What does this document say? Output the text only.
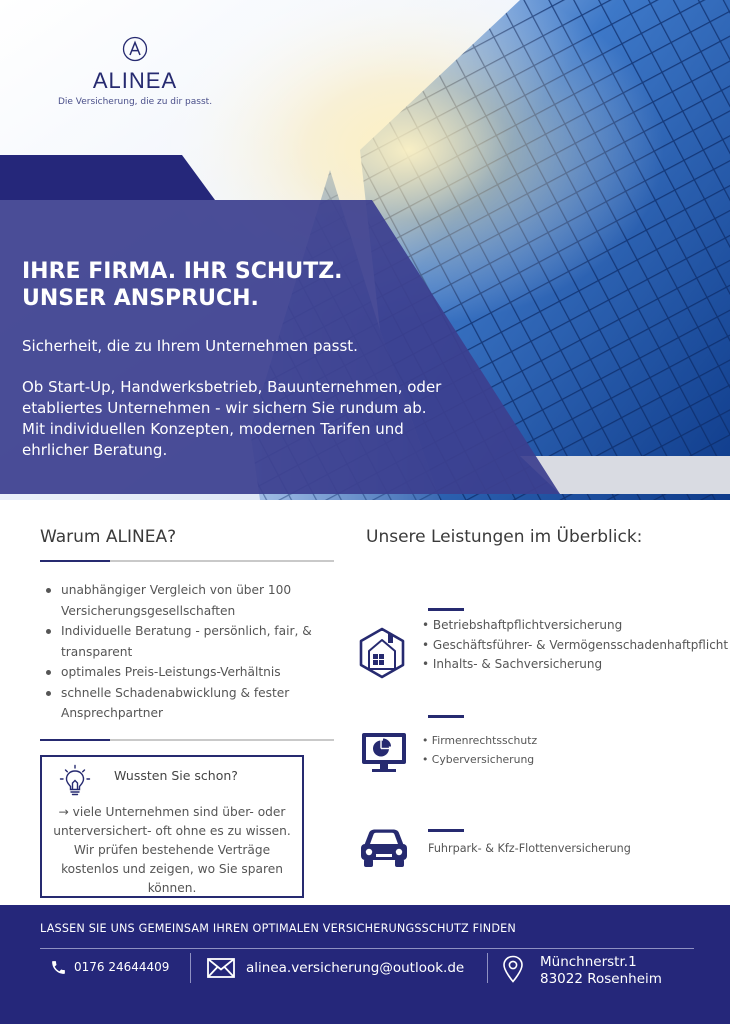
ALINEA
Die Versicherung, die zu dir passt.
IHRE FIRMA. IHR SCHUTZ.
UNSER ANSPRUCH.
Sicherheit, die zu Ihrem Unternehmen passt.
Ob Start-Up, Handwerksbetrieb, Bauunternehmen, oder
etabliertes Unternehmen - wir sichern Sie rundum ab.
Mit individuellen Konzepten, modernen Tarifen und
ehrlicher Beratung.
Warum ALINEA?
unabhängiger Vergleich von über 100 Versicherungsgesellschaften
Individuelle Beratung - persönlich, fair, & transparent
optimales Preis-Leistungs-Verhältnis
schnelle Schadenabwicklung & fester Ansprechpartner
Wussten Sie schon?
→ viele Unternehmen sind über- oder unterversichert- oft ohne es zu wissen. Wir prüfen bestehende Verträge kostenlos und zeigen, wo Sie sparen können.
Unsere Leistungen im Überblick:
• Betriebshaftpflichtversicherung
• Geschäftsführer- & Vermögensschadenhaftpflicht
• Inhalts- & Sachversicherung
• Firmenrechtsschutz
• Cyberversicherung
Fuhrpark- & Kfz-Flottenversicherung
LASSEN SIE UNS GEMEINSAM IHREN OPTIMALEN VERSICHERUNGSSCHUTZ FINDEN
0176 24644409	alinea.versicherung@outlook.de	Münchnerstr.1
83022 Rosenheim
